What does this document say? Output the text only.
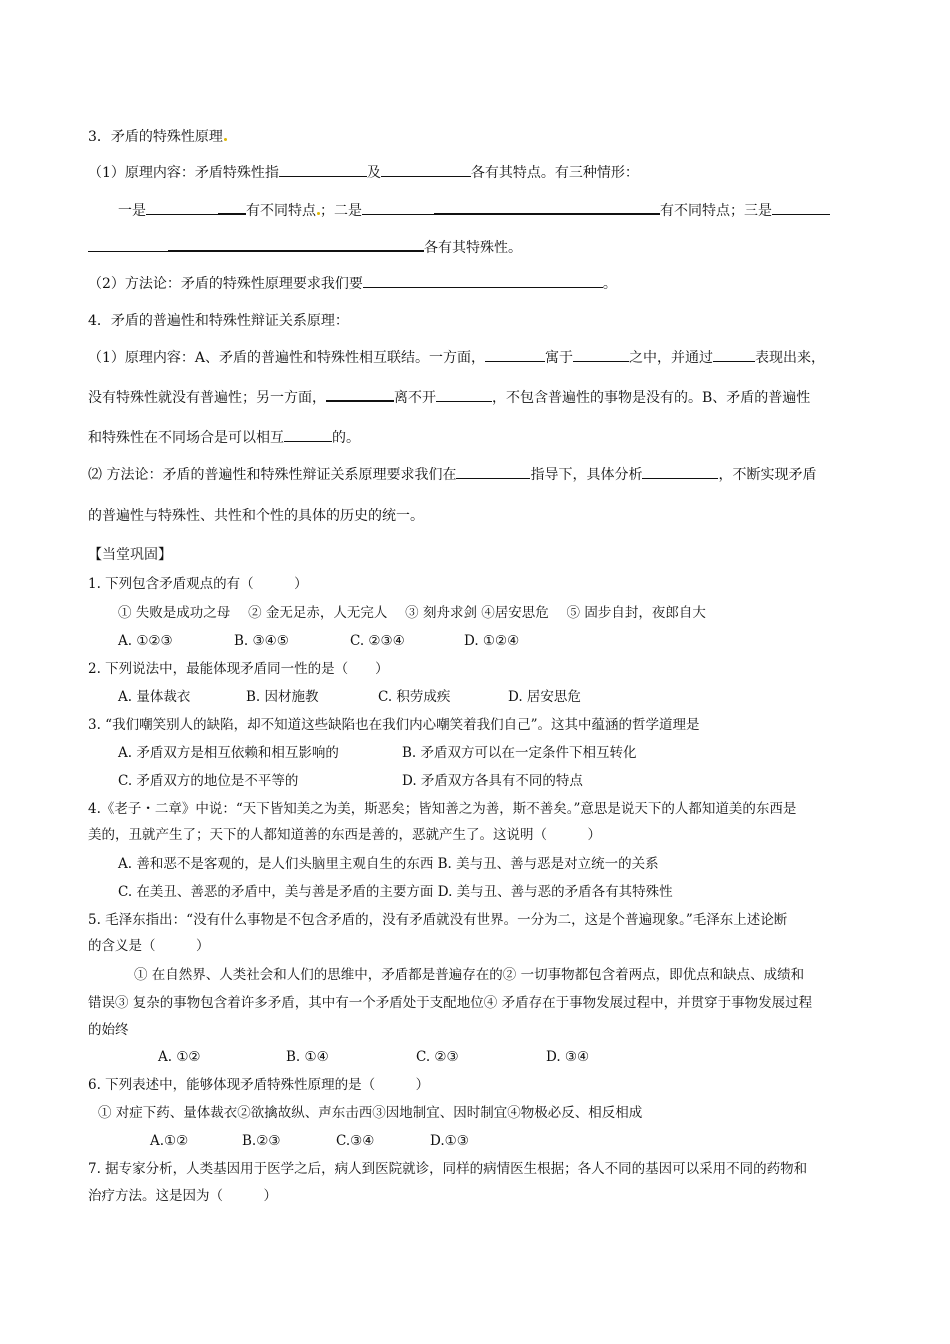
3．矛盾的特殊性原理
（1）原理内容：矛盾特殊性指	及	各有其特点。有三种情形：
一是	有不同特点 ；二是	有不同特点；三是
各有其特殊性。
（2）方法论：矛盾的特殊性原理要求我们要	。
4．矛盾的普遍性和特殊性辩证关系原理：
（1）原理内容：A、矛盾的普遍性和特殊性相互联结。一方面，	寓于	之中，并通过	表现出来，
没有特殊性就没有普遍性；另一方面，	离不开	，不包含普遍性的事物是没有的。B、矛盾的普遍性
和特殊性在不同场合是可以相互	的。
⑵ 方法论：矛盾的普遍性和特殊性辩证关系原理要求我们在	指导下，具体分析	，不断实现矛盾
的普遍性与特殊性、共性和个性的具体的历史的统一。
【当堂巩固】
1. 下列包含矛盾观点的有（　　　）
① 失败是成功之母　 ② 金无足赤，人无完人　 ③ 刻舟求剑 ④居安思危　 ⑤ 固步自封，夜郎自大
A. ①②③	B. ③④⑤	C. ②③④	D. ①②④
2. 下列说法中，最能体现矛盾同一性的是（　　）
A. 量体裁衣	B. 因材施教	C. 积劳成疾	D. 居安思危
3. “我们嘲笑别人的缺陷，却不知道这些缺陷也在我们内心嘲笑着我们自己”。这其中蕴涵的哲学道理是
A. 矛盾双方是相互依赖和相互影响的	B. 矛盾双方可以在一定条件下相互转化
C. 矛盾双方的地位是不平等的	D. 矛盾双方各具有不同的特点
4.《老子・二章》中说：“天下皆知美之为美，斯恶矣；皆知善之为善，斯不善矣。”意思是说天下的人都知道美的东西是
美的，丑就产生了；天下的人都知道善的东西是善的，恶就产生了。这说明（　　　）
A. 善和恶不是客观的，是人们头脑里主观自生的东西 B. 美与丑、善与恶是对立统一的关系
C. 在美丑、善恶的矛盾中，美与善是矛盾的主要方面 D. 美与丑、善与恶的矛盾各有其特殊性
5. 毛泽东指出：“没有什么事物是不包含矛盾的，没有矛盾就没有世界。一分为二，这是个普遍现象。”毛泽东上述论断
的含义是（　　　）
① 在自然界、人类社会和人们的思维中，矛盾都是普遍存在的② 一切事物都包含着两点，即优点和缺点、成绩和
错误③ 复杂的事物包含着许多矛盾，其中有一个矛盾处于支配地位④ 矛盾存在于事物发展过程中，并贯穿于事物发展过程
的始终
A. ①②	B. ①④	C. ②③	D. ③④
6. 下列表述中，能够体现矛盾特殊性原理的是（　　　）
① 对症下药、量体裁衣②欲擒故纵、声东击西③因地制宜、因时制宜④物极必反、相反相成
A.①②	B.②③	C.③④	D.①③
7. 据专家分析，人类基因用于医学之后，病人到医院就诊，同样的病情医生根据；各人不同的基因可以采用不同的药物和
治疗方法。这是因为（　　　）
